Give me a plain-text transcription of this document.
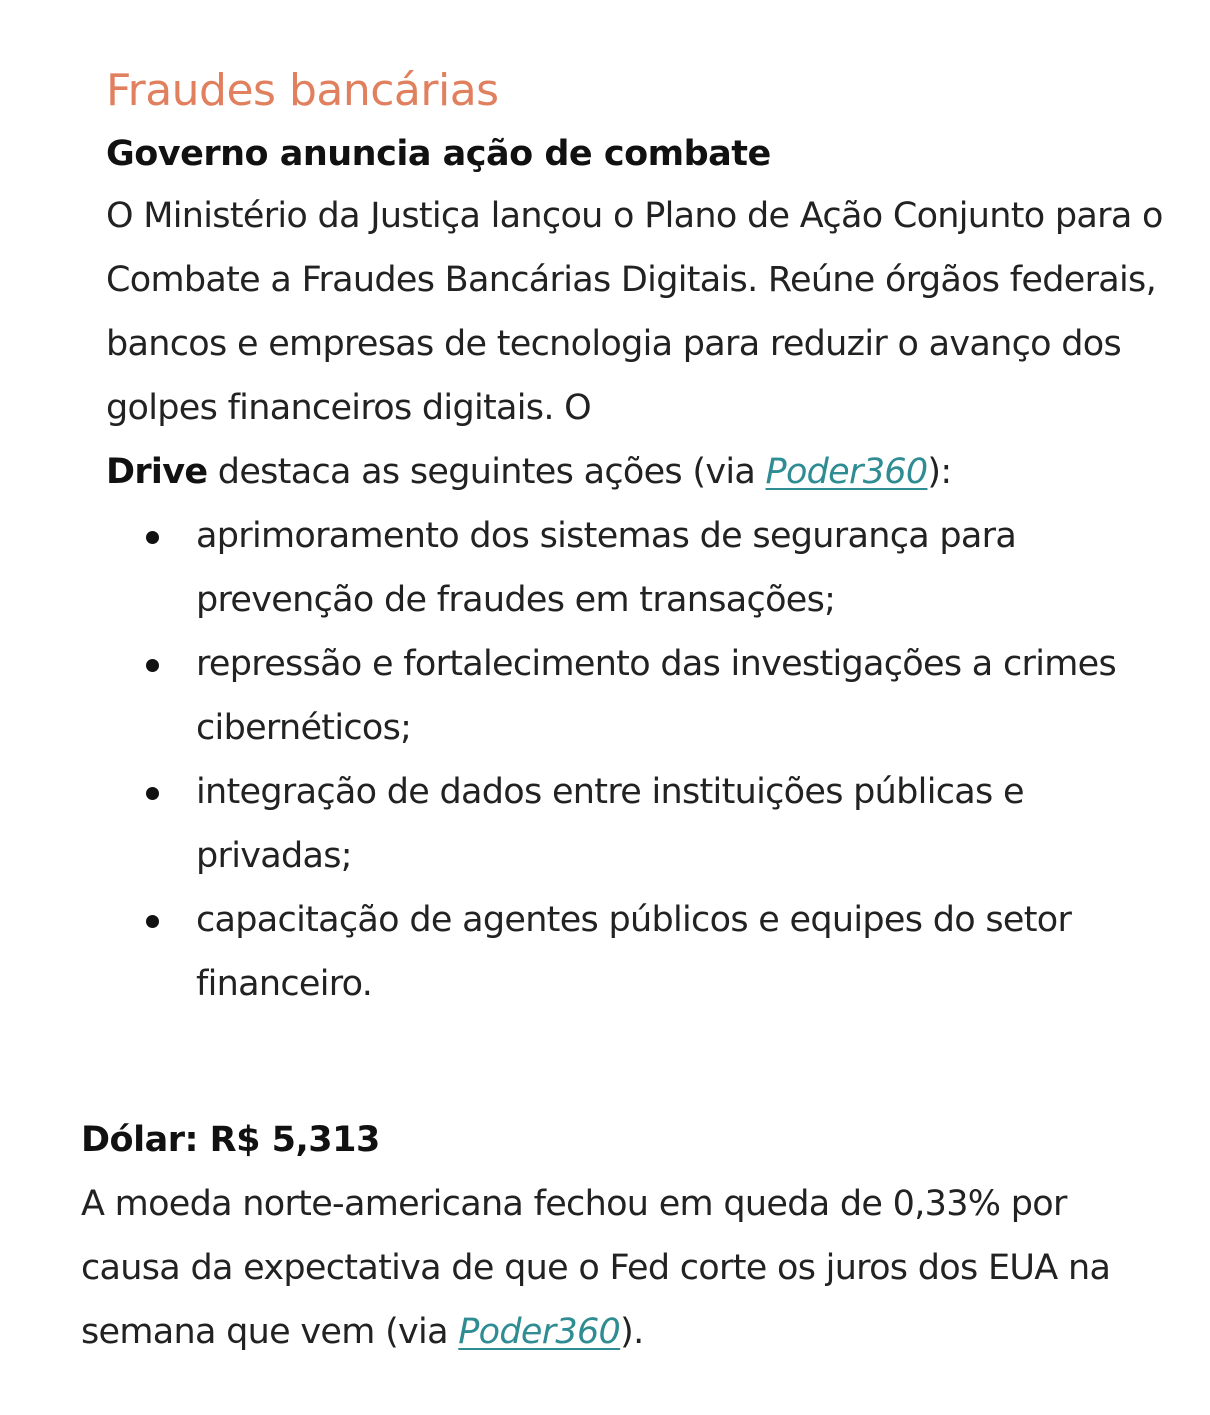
Fraudes bancárias
Governo anuncia ação de combate

O Ministério da Justiça lançou o Plano de Ação Conjunto para o Combate a Fraudes Bancárias Digitais. Reúne órgãos federais, bancos e empresas de tecnologia para reduzir o avanço dos golpes financeiros digitais. O
Drive destaca as seguintes ações (via Poder360):

aprimoramento dos sistemas de segurança para prevenção de fraudes em transações;
repressão e fortalecimento das investigações a crimes cibernéticos;
integração de dados entre instituições públicas e privadas;
capacitação de agentes públicos e equipes do setor financeiro.

Dólar: R$ 5,313

A moeda norte-americana fechou em queda de 0,33% por causa da expectativa de que o Fed corte os juros dos EUA na semana que vem (via Poder360).
